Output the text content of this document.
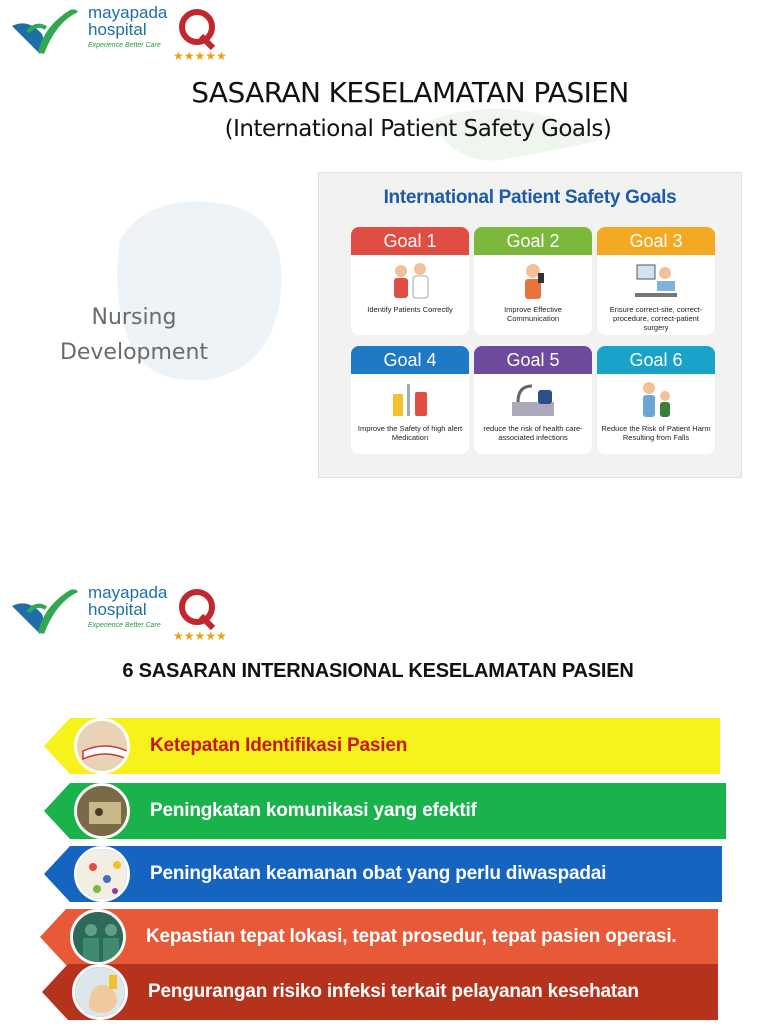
mayapada
hospital
Experience Better Care
★★★★★
SASARAN KESELAMATAN PASIEN
(International Patient Safety Goals)
Nursing
Development
International Patient Safety Goals
Goal 1
Identify Patients Correctly
Goal 2
Improve Effective Communication
Goal 3
Ensure correct-site, correct-procedure, correct-patient surgery
Goal 4
Improve the Safety of high alert Medication
Goal 5
reduce the risk of health care-associated infections
Goal 6
Reduce the Risk of Patient Harm Resulting from Falls
mayapada
hospital
Experience Better Care
★★★★★
6 SASARAN INTERNASIONAL KESELAMATAN PASIEN
Ketepatan Identifikasi Pasien
Peningkatan komunikasi yang efektif
Peningkatan keamanan obat yang perlu diwaspadai
Kepastian tepat lokasi, tepat prosedur, tepat pasien operasi.
Pengurangan risiko infeksi terkait pelayanan kesehatan
